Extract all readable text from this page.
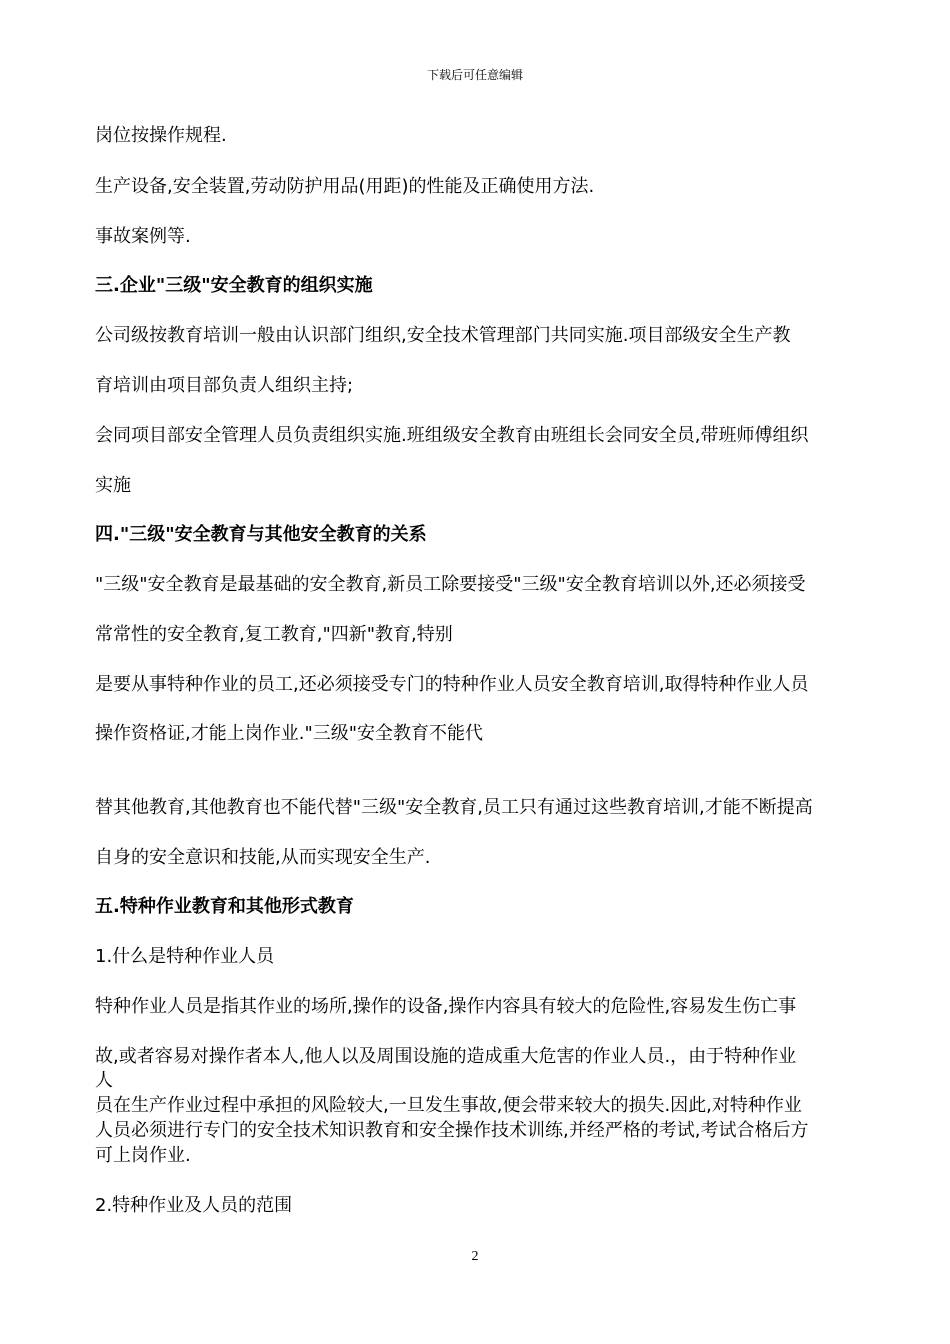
下载后可任意编辑
岗位按操作规程.
生产设备,安全装置,劳动防护用品(用距)的性能及正确使用方法.
事故案例等.
三.企业"三级"安全教育的组织实施
公司级按教育培训一般由认识部门组织,安全技术管理部门共同实施.项目部级安全生产教
育培训由项目部负责人组织主持;
会同项目部安全管理人员负责组织实施.班组级安全教育由班组长会同安全员,带班师傅组织
实施
四."三级"安全教育与其他安全教育的关系
"三级"安全教育是最基础的安全教育,新员工除要接受"三级"安全教育培训以外,还必须接受
常常性的安全教育,复工教育,"四新"教育,特别
是要从事特种作业的员工,还必须接受专门的特种作业人员安全教育培训,取得特种作业人员
操作资格证,才能上岗作业."三级"安全教育不能代
替其他教育,其他教育也不能代替"三级"安全教育,员工只有通过这些教育培训,才能不断提高
自身的安全意识和技能,从而实现安全生产.
五.特种作业教育和其他形式教育
1.什么是特种作业人员
特种作业人员是指其作业的场所,操作的设备,操作内容具有较大的危险性,容易发生伤亡事
故,或者容易对操作者本人,他人以及周围设施的造成重大危害的作业人员.，由于特种作业
人
员在生产作业过程中承担的风险较大,一旦发生事故,便会带来较大的损失.因此,对特种作业
人员必须进行专门的安全技术知识教育和安全操作技术训练,并经严格的考试,考试合格后方
可上岗作业.
2.特种作业及人员的范围
2
